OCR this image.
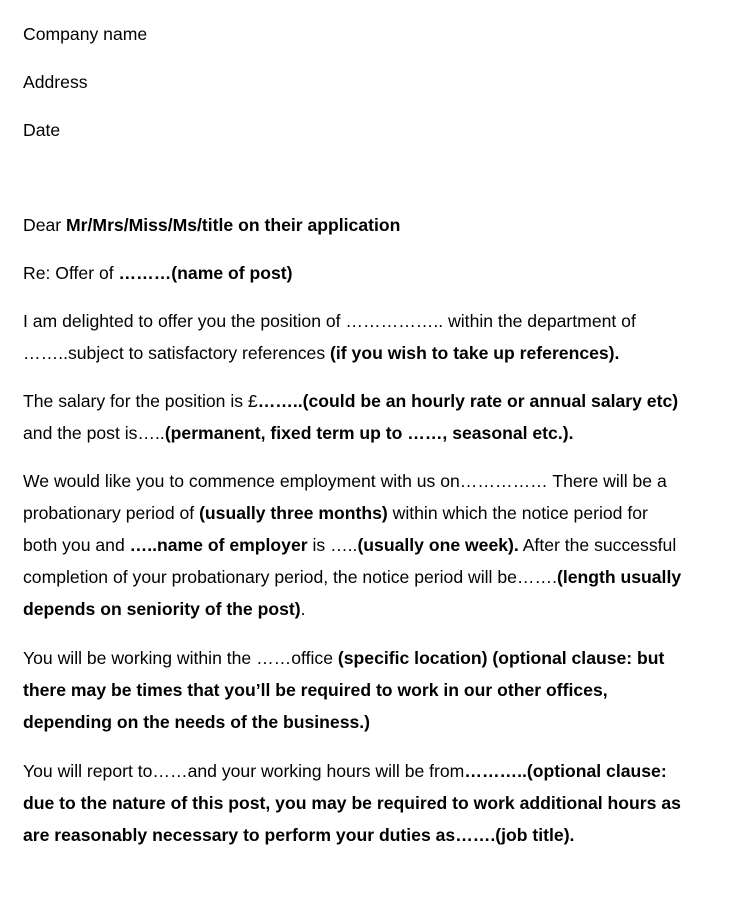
Company name
Address
Date
Dear Mr/Mrs/Miss/Ms/title on their application
Re: Offer of ………(name of post)
I am delighted to offer you the position of …………….. within the department of
……..subject to satisfactory references (if you wish to take up references).
The salary for the position is £……..(could be an hourly rate or annual salary etc)
and the post is…..(permanent, fixed term up to ……, seasonal etc.).
We would like you to commence employment with us on…………… There will be a
probationary period of (usually three months) within which the notice period for
both you and …..name of employer is …..(usually one week). After the successful
completion of your probationary period, the notice period will be…….(length usually
depends on seniority of the post).
You will be working within the ……office (specific location) (optional clause: but
there may be times that you’ll be required to work in our other offices,
depending on the needs of the business.)
You will report to……and your working hours will be from………..(optional clause:
due to the nature of this post, you may be required to work additional hours as
are reasonably necessary to perform your duties as…….(job title).
